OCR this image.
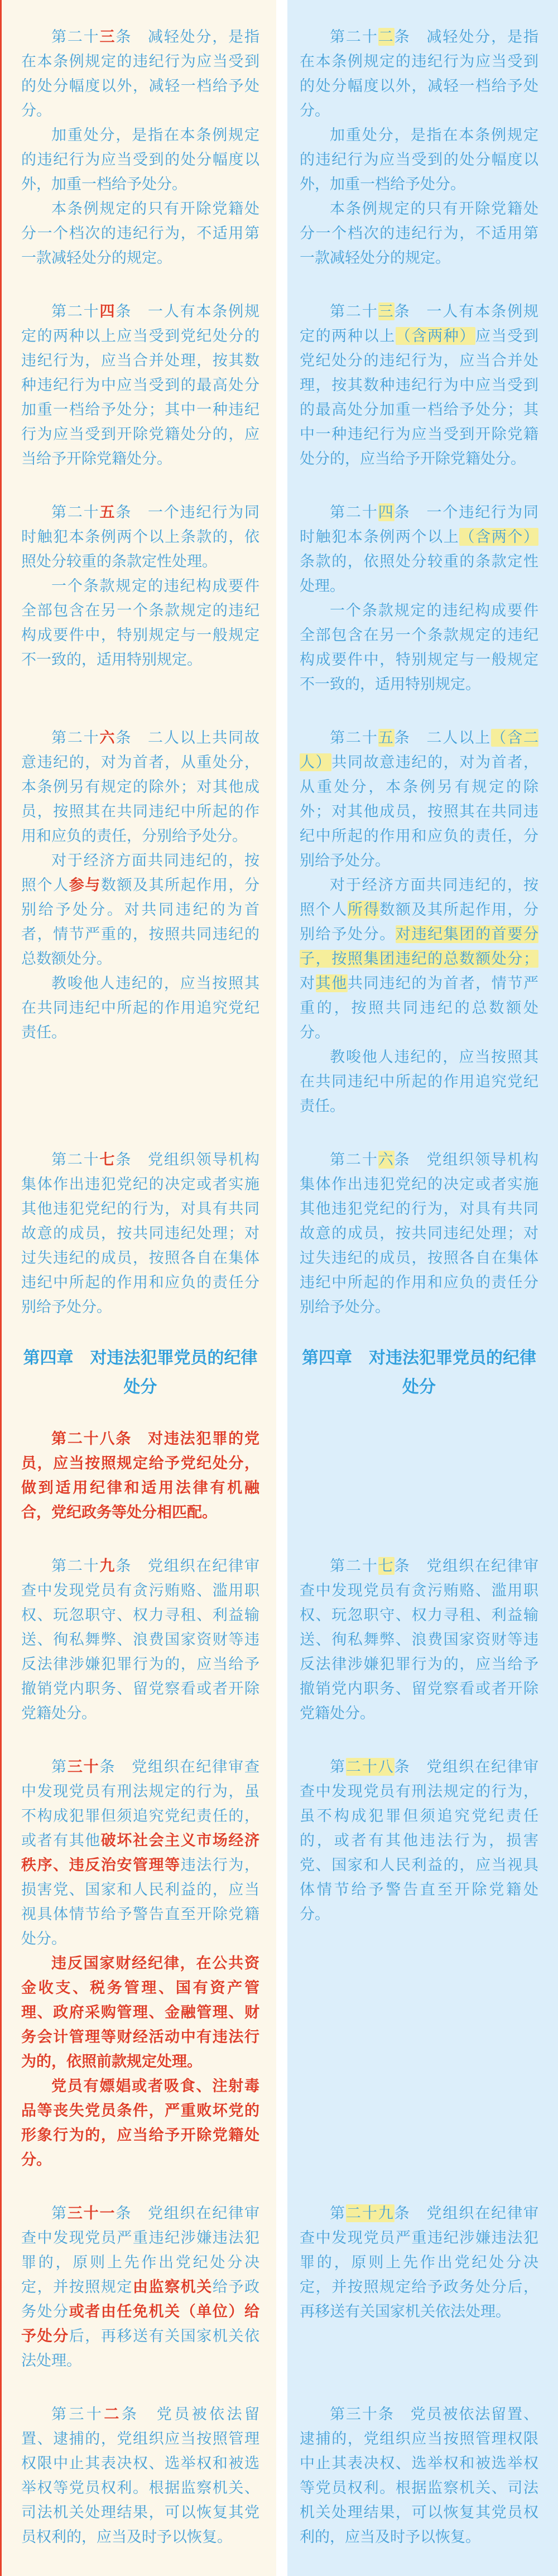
第二十三条　减轻处分，是指在本条例规定的违纪行为应当受到的处分幅度以外，减轻一档给予处分。

加重处分，是指在本条例规定的违纪行为应当受到的处分幅度以外，加重一档给予处分。

本条例规定的只有开除党籍处分一个档次的违纪行为，不适用第一款减轻处分的规定。

第二十二条　减轻处分，是指在本条例规定的违纪行为应当受到的处分幅度以外，减轻一档给予处分。

加重处分，是指在本条例规定的违纪行为应当受到的处分幅度以外，加重一档给予处分。

本条例规定的只有开除党籍处分一个档次的违纪行为，不适用第一款减轻处分的规定。

第二十四条　一人有本条例规定的两种以上应当受到党纪处分的违纪行为，应当合并处理，按其数种违纪行为中应当受到的最高处分加重一档给予处分；其中一种违纪行为应当受到开除党籍处分的，应当给予开除党籍处分。

第二十三条　一人有本条例规定的两种以上（含两种）应当受到党纪处分的违纪行为，应当合并处理，按其数种违纪行为中应当受到的最高处分加重一档给予处分；其中一种违纪行为应当受到开除党籍处分的，应当给予开除党籍处分。

第二十五条　一个违纪行为同时触犯本条例两个以上条款的，依照处分较重的条款定性处理。

一个条款规定的违纪构成要件全部包含在另一个条款规定的违纪构成要件中，特别规定与一般规定不一致的，适用特别规定。

第二十四条　一个违纪行为同时触犯本条例两个以上（含两个）条款的，依照处分较重的条款定性处理。

一个条款规定的违纪构成要件全部包含在另一个条款规定的违纪构成要件中，特别规定与一般规定不一致的，适用特别规定。

第二十六条　二人以上共同故意违纪的，对为首者，从重处分，本条例另有规定的除外；对其他成员，按照其在共同违纪中所起的作用和应负的责任，分别给予处分。

对于经济方面共同违纪的，按照个人参与数额及其所起作用，分别给予处分。对共同违纪的为首者，情节严重的，按照共同违纪的总数额处分。

教唆他人违纪的，应当按照其在共同违纪中所起的作用追究党纪责任。

第二十五条　二人以上（含二人）共同故意违纪的，对为首者，从重处分，本条例另有规定的除外；对其他成员，按照其在共同违纪中所起的作用和应负的责任，分别给予处分。

对于经济方面共同违纪的，按照个人所得数额及其所起作用，分别给予处分。对违纪集团的首要分子，按照集团违纪的总数额处分；对其他共同违纪的为首者，情节严重的，按照共同违纪的总数额处分。

教唆他人违纪的，应当按照其在共同违纪中所起的作用追究党纪责任。

第二十七条　党组织领导机构集体作出违犯党纪的决定或者实施其他违犯党纪的行为，对具有共同故意的成员，按共同违纪处理；对过失违纪的成员，按照各自在集体违纪中所起的作用和应负的责任分别给予处分。

第二十六条　党组织领导机构集体作出违犯党纪的决定或者实施其他违犯党纪的行为，对具有共同故意的成员，按共同违纪处理；对过失违纪的成员，按照各自在集体违纪中所起的作用和应负的责任分别给予处分。

第四章　对违法犯罪党员的纪律处分

第四章　对违法犯罪党员的纪律处分

第二十八条　对违法犯罪的党员，应当按照规定给予党纪处分，做到适用纪律和适用法律有机融合，党纪政务等处分相匹配。

第二十九条　党组织在纪律审查中发现党员有贪污贿赂、滥用职权、玩忽职守、权力寻租、利益输送、徇私舞弊、浪费国家资财等违反法律涉嫌犯罪行为的，应当给予撤销党内职务、留党察看或者开除党籍处分。

第二十七条　党组织在纪律审查中发现党员有贪污贿赂、滥用职权、玩忽职守、权力寻租、利益输送、徇私舞弊、浪费国家资财等违反法律涉嫌犯罪行为的，应当给予撤销党内职务、留党察看或者开除党籍处分。

第三十条　党组织在纪律审查中发现党员有刑法规定的行为，虽不构成犯罪但须追究党纪责任的，或者有其他破坏社会主义市场经济秩序、违反治安管理等违法行为，损害党、国家和人民利益的，应当视具体情节给予警告直至开除党籍处分。

违反国家财经纪律，在公共资金收支、税务管理、国有资产管理、政府采购管理、金融管理、财务会计管理等财经活动中有违法行为的，依照前款规定处理。

党员有嫖娼或者吸食、注射毒品等丧失党员条件，严重败坏党的形象行为的，应当给予开除党籍处分。

第二十八条　党组织在纪律审查中发现党员有刑法规定的行为，虽不构成犯罪但须追究党纪责任的，或者有其他违法行为，损害党、国家和人民利益的，应当视具体情节给予警告直至开除党籍处分。

第三十一条　党组织在纪律审查中发现党员严重违纪涉嫌违法犯罪的，原则上先作出党纪处分决定，并按照规定由监察机关给予政务处分或者由任免机关（单位）给予处分后，再移送有关国家机关依法处理。

第二十九条　党组织在纪律审查中发现党员严重违纪涉嫌违法犯罪的，原则上先作出党纪处分决定，并按照规定给予政务处分后，再移送有关国家机关依法处理。

第三十二条　党员被依法留置、逮捕的，党组织应当按照管理权限中止其表决权、选举权和被选举权等党员权利。根据监察机关、司法机关处理结果，可以恢复其党员权利的，应当及时予以恢复。

第三十条　党员被依法留置、逮捕的，党组织应当按照管理权限中止其表决权、选举权和被选举权等党员权利。根据监察机关、司法机关处理结果，可以恢复其党员权利的，应当及时予以恢复。
